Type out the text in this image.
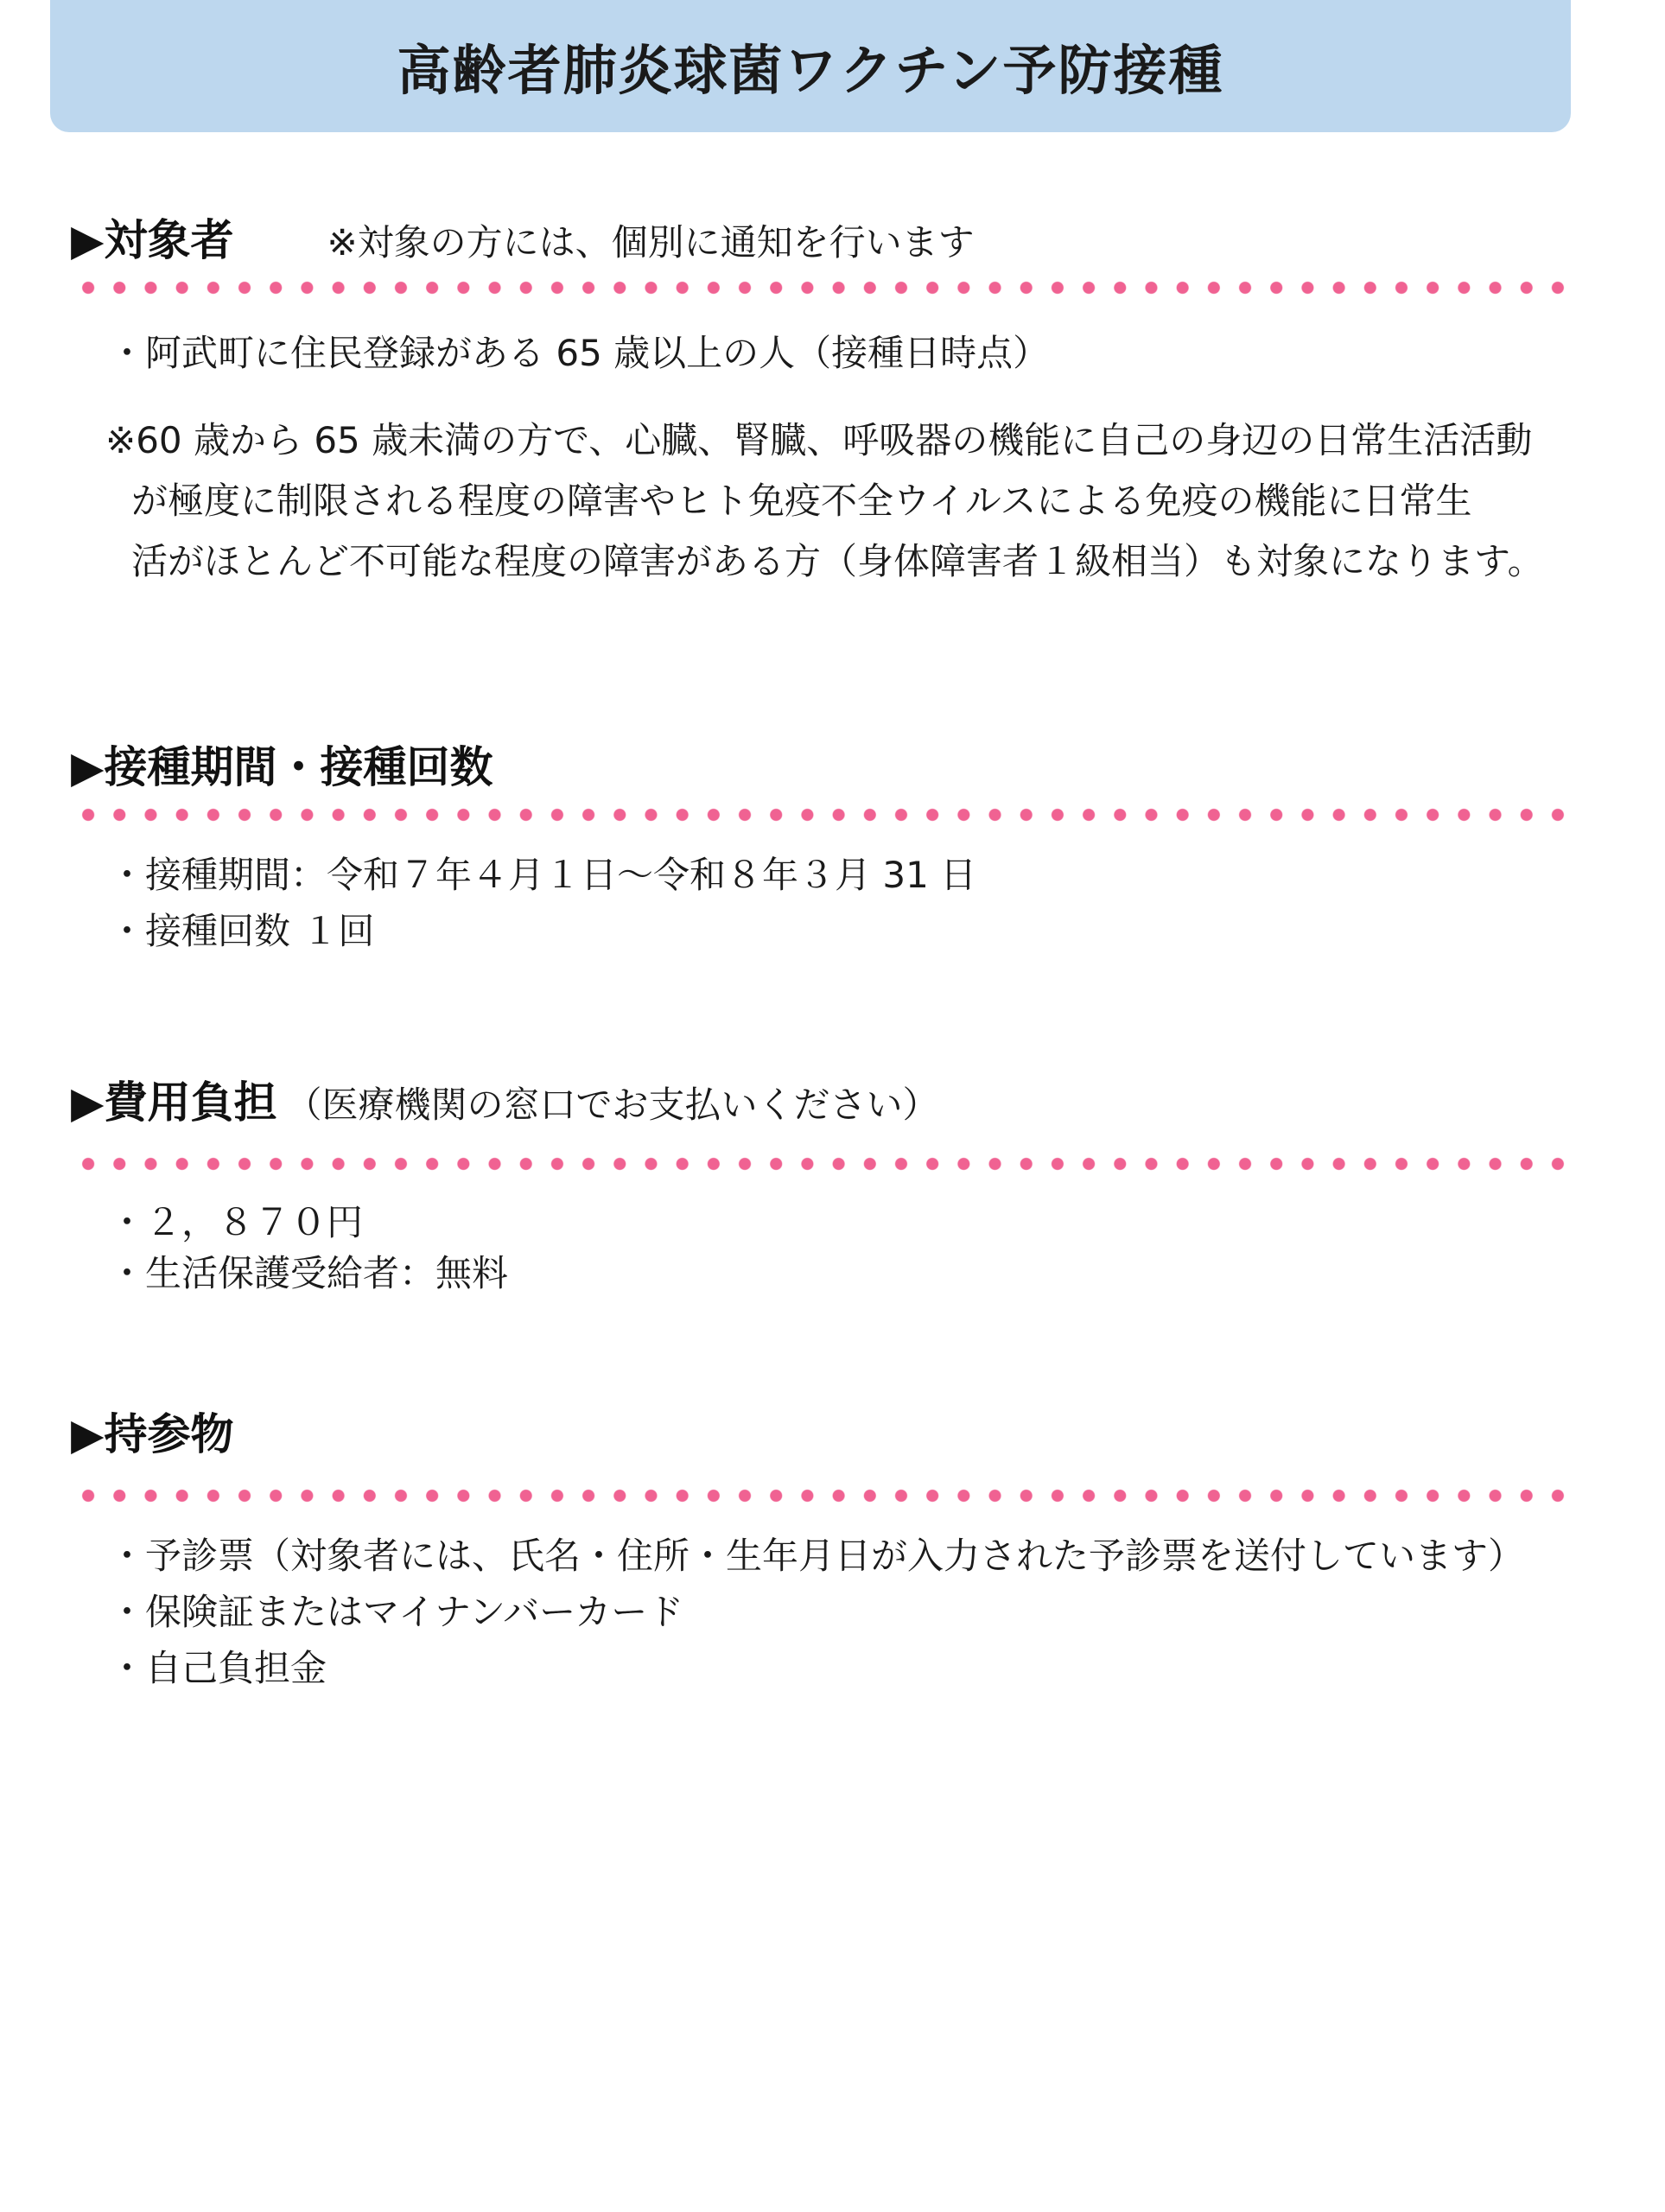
高齢者肺炎球菌ワクチン予防接種
▶対象者	※対象の方には、個別に通知を行います
・阿武町に住民登録がある 65 歳以上の人（接種日時点）
※60 歳から 65 歳未満の方で、心臓、腎臓、呼吸器の機能に自己の身辺の日常生活活動
が極度に制限される程度の障害やヒト免疫不全ウイルスによる免疫の機能に日常生
活がほとんど不可能な程度の障害がある方（身体障害者１級相当）も対象になります。
▶接種期間・接種回数
・接種期間：令和７年４月１日～令和８年３月 31 日
・接種回数 １回
▶費用負担 （医療機関の窓口でお支払いください）
・２，８７０円
・生活保護受給者：無料
▶持参物
・予診票（対象者には、氏名・住所・生年月日が入力された予診票を送付しています）
・保険証またはマイナンバーカード
・自己負担金
